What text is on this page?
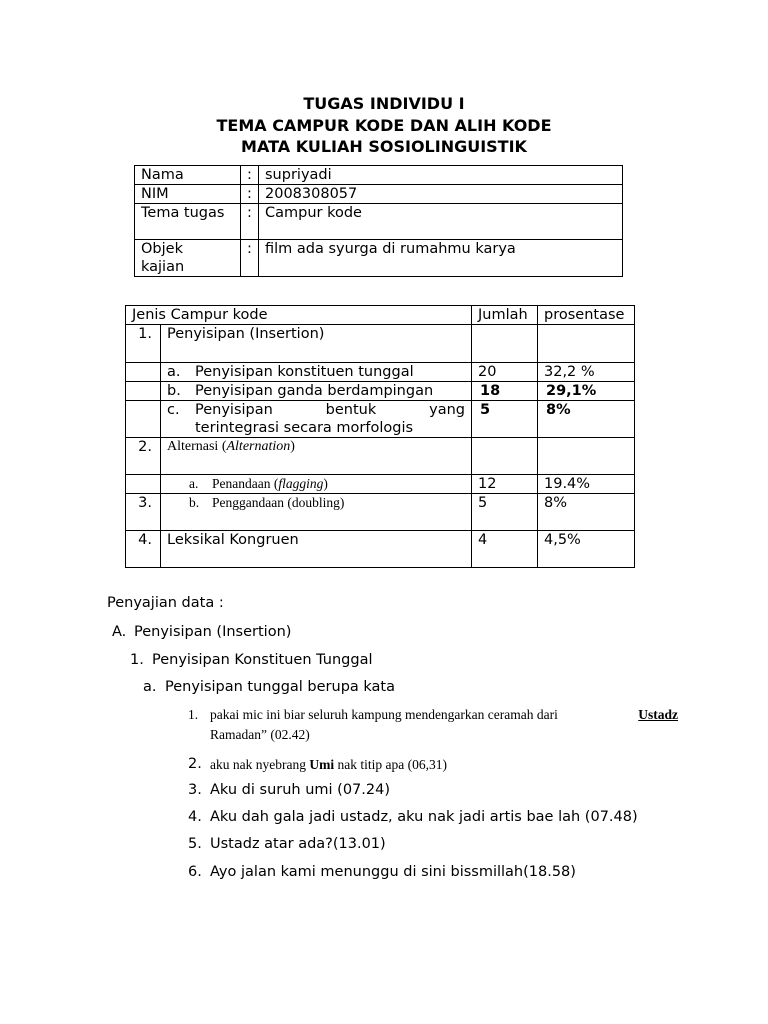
TUGAS INDIVIDU I
TEMA CAMPUR KODE DAN ALIH KODE
MATA KULIAH SOSIOLINGUISTIK
Nama	:	supriyadi
NIM	:	2008308057
Tema tugas	:	Campur kode
Objek
kajian	:	film ada syurga di rumahmu karya
Jenis Campur kode		Jumlah	prosentase
1.	Penyisipan (Insertion)		
	a. Penyisipan konstituen tunggal	20	32,2 %
	b. Penyisipan ganda berdampingan	18	29,1%

	c. Penyisipan bentuk yang
terintegrasi secara morfologis	5	8%
2.	Alternasi (Alternation)		
	a. Penandaan (flagging)	12	19.4%
3.	b. Penggandaan (doubling)	5	8%
4.	Leksikal Kongruen	4	4,5%
Penyajian data :
A. Penyisipan (Insertion)
1. Penyisipan Konstituen Tunggal
a. Penyisipan tunggal berupa kata
1. pakai mic ini biar seluruh kampung mendengarkan ceramah dari	Ustadz
Ramadan” (02.42)
2. aku nak nyebrang Umi nak titip apa (06,31)
3. Aku di suruh umi (07.24)
4. Aku dah gala jadi ustadz, aku nak jadi artis bae lah (07.48)
5. Ustadz atar ada?(13.01)
6. Ayo jalan kami menunggu di sini bissmillah(18.58)
